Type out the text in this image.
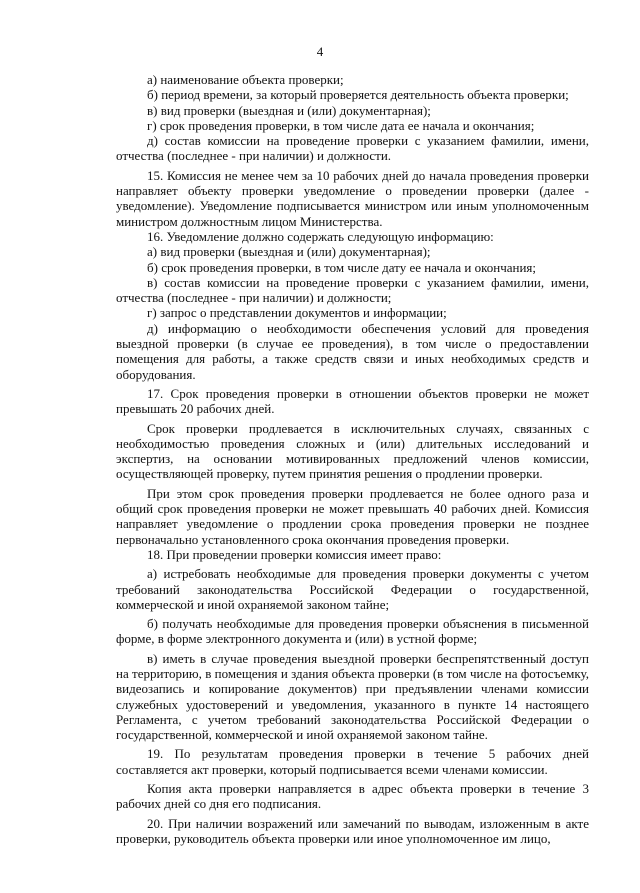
4

а) наименование объекта проверки;

б) период времени, за который проверяется деятельность объекта проверки;

в) вид проверки (выездная и (или) документарная);

г) срок проведения проверки, в том числе дата ее начала и окончания;

д) состав комиссии на проведение проверки с указанием фамилии, имени, отчества (последнее - при наличии) и должности.

15. Комиссия не менее чем за 10 рабочих дней до начала проведения проверки направляет объекту проверки уведомление о проведении проверки (далее - уведомление). Уведомление подписывается министром или иным уполномоченным министром должностным лицом Министерства.

16. Уведомление должно содержать следующую информацию:

а) вид проверки (выездная и (или) документарная);

б) срок проведения проверки, в том числе дату ее начала и окончания;

в) состав комиссии на проведение проверки с указанием фамилии, имени, отчества (последнее - при наличии) и должности;

г) запрос о представлении документов и информации;

д) информацию о необходимости обеспечения условий для проведения выездной проверки (в случае ее проведения), в том числе о предоставлении помещения для работы, а также средств связи и иных необходимых средств и оборудования.

17. Срок проведения проверки в отношении объектов проверки не может превышать 20 рабочих дней.

Срок проверки продлевается в исключительных случаях, связанных с необходимостью проведения сложных и (или) длительных исследований и экспертиз, на основании мотивированных предложений членов комиссии, осуществляющей проверку, путем принятия решения о продлении проверки.

При этом срок проведения проверки продлевается не более одного раза и общий срок проведения проверки не может превышать 40 рабочих дней. Комиссия направляет уведомление о продлении срока проведения проверки не позднее первоначально установленного срока окончания проведения проверки.

18. При проведении проверки комиссия имеет право:

а) истребовать необходимые для проведения проверки документы с учетом требований законодательства Российской Федерации о государственной, коммерческой и иной охраняемой законом тайне;

б) получать необходимые для проведения проверки объяснения в письменной форме, в форме электронного документа и (или) в устной форме;

в) иметь в случае проведения выездной проверки беспрепятственный доступ на территорию, в помещения и здания объекта проверки (в том числе на фотосъемку, видеозапись и копирование документов) при предъявлении членами комиссии служебных удостоверений и уведомления, указанного в пункте 14 настоящего Регламента, с учетом требований законодательства Российской Федерации о государственной, коммерческой и иной охраняемой законом тайне.

19. По результатам проведения проверки в течение 5 рабочих дней составляется акт проверки, который подписывается всеми членами комиссии.

Копия акта проверки направляется в адрес объекта проверки в течение 3 рабочих дней со дня его подписания.

20. При наличии возражений или замечаний по выводам, изложенным в акте проверки, руководитель объекта проверки или иное уполномоченное им лицо,
